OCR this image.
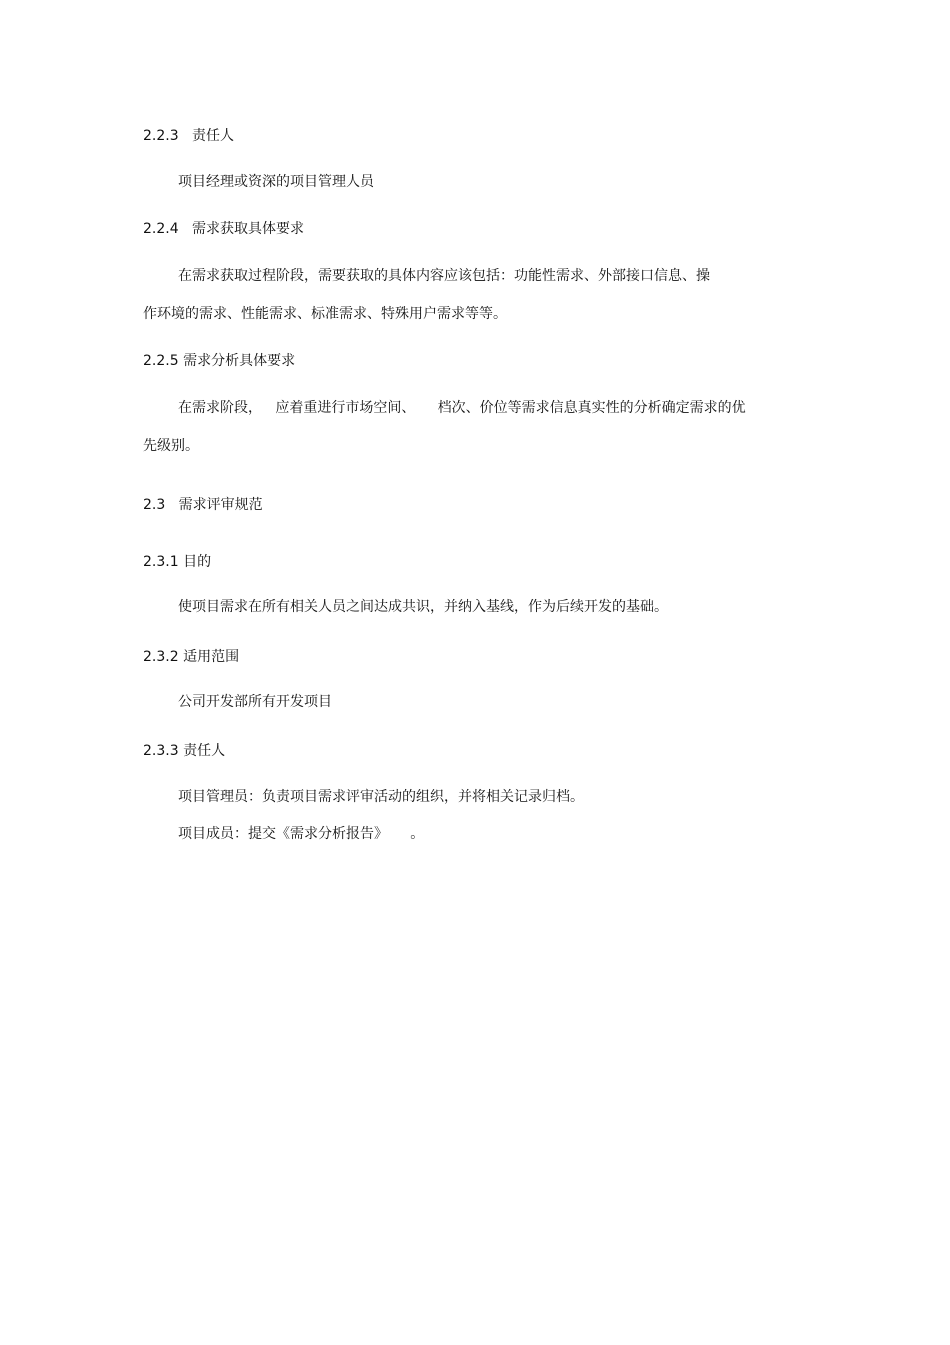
2.2.3   责任人
项目经理或资深的项目管理人员
2.2.4   需求获取具体要求
在需求获取过程阶段，需要获取的具体内容应该包括：功能性需求、外部接口信息、操
作环境的需求、性能需求、标准需求、特殊用户需求等等。
2.2.5 需求分析具体要求
在需求阶段，   应着重进行市场空间、     档次、价位等需求信息真实性的分析确定需求的优
先级别。
2.3   需求评审规范
2.3.1 目的
使项目需求在所有相关人员之间达成共识，并纳入基线，作为后续开发的基础。
2.3.2 适用范围
公司开发部所有开发项目
2.3.3 责任人
项目管理员：负责项目需求评审活动的组织，并将相关记录归档。
项目成员：提交《需求分析报告》     。
